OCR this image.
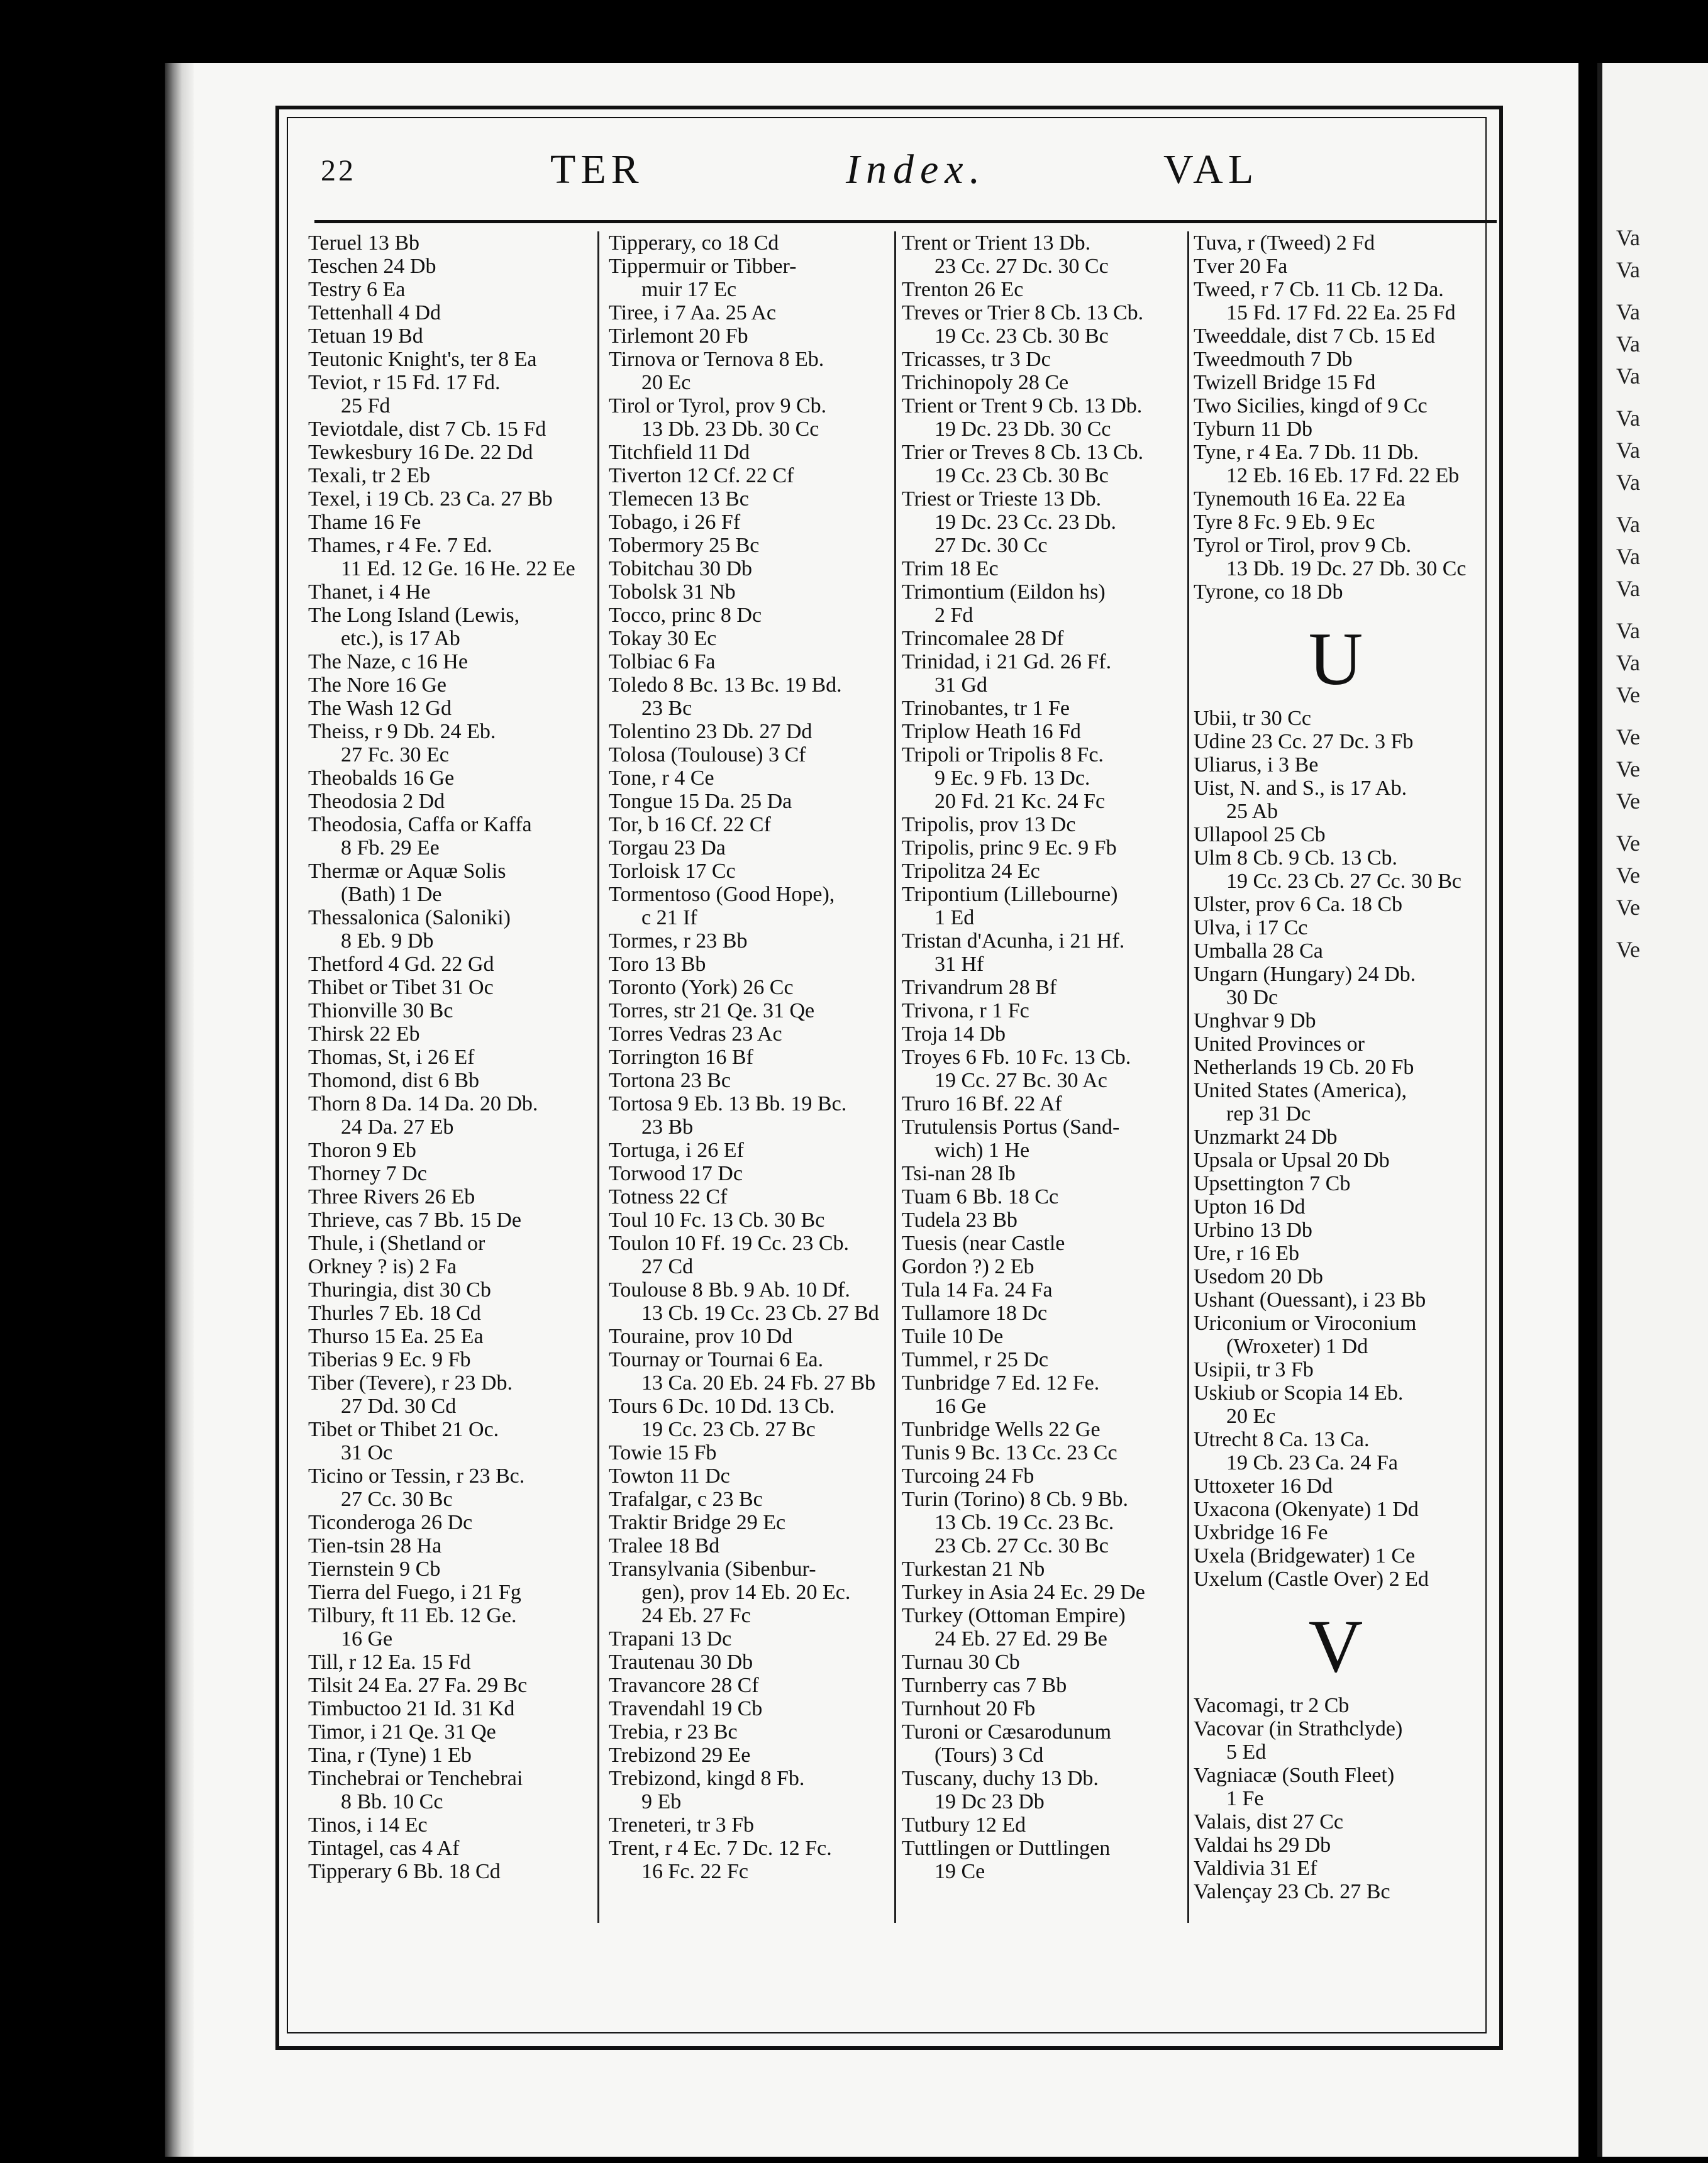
22	TER	Index.	VAL
Teruel 13 Bb
Teschen 24 Db
Testry 6 Ea
Tettenhall 4 Dd
Tetuan 19 Bd
Teutonic Knight's, ter 8 Ea
Teviot, r 15 Fd. 17 Fd.
25 Fd
Teviotdale, dist 7 Cb. 15 Fd
Tewkesbury 16 De. 22 Dd
Texali, tr 2 Eb
Texel, i 19 Cb. 23 Ca. 27 Bb
Thame 16 Fe
Thames, r 4 Fe. 7 Ed.
11 Ed. 12 Ge. 16 He. 22 Ee
Thanet, i 4 He
The Long Island (Lewis,
etc.), is 17 Ab
The Naze, c 16 He
The Nore 16 Ge
The Wash 12 Gd
Theiss, r 9 Db. 24 Eb.
27 Fc. 30 Ec
Theobalds 16 Ge
Theodosia 2 Dd
Theodosia, Caffa or Kaffa
8 Fb. 29 Ee
Thermæ or Aquæ Solis
(Bath) 1 De
Thessalonica (Saloniki)
8 Eb. 9 Db
Thetford 4 Gd. 22 Gd
Thibet or Tibet 31 Oc
Thionville 30 Bc
Thirsk 22 Eb
Thomas, St, i 26 Ef
Thomond, dist 6 Bb
Thorn 8 Da. 14 Da. 20 Db.
24 Da. 27 Eb
Thoron 9 Eb
Thorney 7 Dc
Three Rivers 26 Eb
Thrieve, cas 7 Bb. 15 De
Thule, i (Shetland or
Orkney ? is) 2 Fa
Thuringia, dist 30 Cb
Thurles 7 Eb. 18 Cd
Thurso 15 Ea. 25 Ea
Tiberias 9 Ec. 9 Fb
Tiber (Tevere), r 23 Db.
27 Dd. 30 Cd
Tibet or Thibet 21 Oc.
31 Oc
Ticino or Tessin, r 23 Bc.
27 Cc. 30 Bc
Ticonderoga 26 Dc
Tien-tsin 28 Ha
Tiernstein 9 Cb
Tierra del Fuego, i 21 Fg
Tilbury, ft 11 Eb. 12 Ge.
16 Ge
Till, r 12 Ea. 15 Fd
Tilsit 24 Ea. 27 Fa. 29 Bc
Timbuctoo 21 Id. 31 Kd
Timor, i 21 Qe. 31 Qe
Tina, r (Tyne) 1 Eb
Tinchebrai or Tenchebrai
8 Bb. 10 Cc
Tinos, i 14 Ec
Tintagel, cas 4 Af
Tipperary 6 Bb. 18 Cd
Tipperary, co 18 Cd
Tippermuir or Tibber-
muir 17 Ec
Tiree, i 7 Aa. 25 Ac
Tirlemont 20 Fb
Tirnova or Ternova 8 Eb.
20 Ec
Tirol or Tyrol, prov 9 Cb.
13 Db. 23 Db. 30 Cc
Titchfield 11 Dd
Tiverton 12 Cf. 22 Cf
Tlemecen 13 Bc
Tobago, i 26 Ff
Tobermory 25 Bc
Tobitchau 30 Db
Tobolsk 31 Nb
Tocco, princ 8 Dc
Tokay 30 Ec
Tolbiac 6 Fa
Toledo 8 Bc. 13 Bc. 19 Bd.
23 Bc
Tolentino 23 Db. 27 Dd
Tolosa (Toulouse) 3 Cf
Tone, r 4 Ce
Tongue 15 Da. 25 Da
Tor, b 16 Cf. 22 Cf
Torgau 23 Da
Torloisk 17 Cc
Tormentoso (Good Hope),
c 21 If
Tormes, r 23 Bb
Toro 13 Bb
Toronto (York) 26 Cc
Torres, str 21 Qe. 31 Qe
Torres Vedras 23 Ac
Torrington 16 Bf
Tortona 23 Bc
Tortosa 9 Eb. 13 Bb. 19 Bc.
23 Bb
Tortuga, i 26 Ef
Torwood 17 Dc
Totness 22 Cf
Toul 10 Fc. 13 Cb. 30 Bc
Toulon 10 Ff. 19 Cc. 23 Cb.
27 Cd
Toulouse 8 Bb. 9 Ab. 10 Df.
13 Cb. 19 Cc. 23 Cb. 27 Bd
Touraine, prov 10 Dd
Tournay or Tournai 6 Ea.
13 Ca. 20 Eb. 24 Fb. 27 Bb
Tours 6 Dc. 10 Dd. 13 Cb.
19 Cc. 23 Cb. 27 Bc
Towie 15 Fb
Towton 11 Dc
Trafalgar, c 23 Bc
Traktir Bridge 29 Ec
Tralee 18 Bd
Transylvania (Sibenbur-
gen), prov 14 Eb. 20 Ec.
24 Eb. 27 Fc
Trapani 13 Dc
Trautenau 30 Db
Travancore 28 Cf
Travendahl 19 Cb
Trebia, r 23 Bc
Trebizond 29 Ee
Trebizond, kingd 8 Fb.
9 Eb
Treneteri, tr 3 Fb
Trent, r 4 Ec. 7 Dc. 12 Fc.
16 Fc. 22 Fc
Trent or Trient 13 Db.
23 Cc. 27 Dc. 30 Cc
Trenton 26 Ec
Treves or Trier 8 Cb. 13 Cb.
19 Cc. 23 Cb. 30 Bc
Tricasses, tr 3 Dc
Trichinopoly 28 Ce
Trient or Trent 9 Cb. 13 Db.
19 Dc. 23 Db. 30 Cc
Trier or Treves 8 Cb. 13 Cb.
19 Cc. 23 Cb. 30 Bc
Triest or Trieste 13 Db.
19 Dc. 23 Cc. 23 Db.
27 Dc. 30 Cc
Trim 18 Ec
Trimontium (Eildon hs)
2 Fd
Trincomalee 28 Df
Trinidad, i 21 Gd. 26 Ff.
31 Gd
Trinobantes, tr 1 Fe
Triplow Heath 16 Fd
Tripoli or Tripolis 8 Fc.
9 Ec. 9 Fb. 13 Dc.
20 Fd. 21 Kc. 24 Fc
Tripolis, prov 13 Dc
Tripolis, princ 9 Ec. 9 Fb
Tripolitza 24 Ec
Tripontium (Lillebourne)
1 Ed
Tristan d'Acunha, i 21 Hf.
31 Hf
Trivandrum 28 Bf
Trivona, r 1 Fc
Troja 14 Db
Troyes 6 Fb. 10 Fc. 13 Cb.
19 Cc. 27 Bc. 30 Ac
Truro 16 Bf. 22 Af
Trutulensis Portus (Sand-
wich) 1 He
Tsi-nan 28 Ib
Tuam 6 Bb. 18 Cc
Tudela 23 Bb
Tuesis (near Castle
Gordon ?) 2 Eb
Tula 14 Fa. 24 Fa
Tullamore 18 Dc
Tuile 10 De
Tummel, r 25 Dc
Tunbridge 7 Ed. 12 Fe.
16 Ge
Tunbridge Wells 22 Ge
Tunis 9 Bc. 13 Cc. 23 Cc
Turcoing 24 Fb
Turin (Torino) 8 Cb. 9 Bb.
13 Cb. 19 Cc. 23 Bc.
23 Cb. 27 Cc. 30 Bc
Turkestan 21 Nb
Turkey in Asia 24 Ec. 29 De
Turkey (Ottoman Empire)
24 Eb. 27 Ed. 29 Be
Turnau 30 Cb
Turnberry cas 7 Bb
Turnhout 20 Fb
Turoni or Cæsarodunum
(Tours) 3 Cd
Tuscany, duchy 13 Db.
19 Dc 23 Db
Tutbury 12 Ed
Tuttlingen or Duttlingen
19 Ce
Tuva, r (Tweed) 2 Fd
Tver 20 Fa
Tweed, r 7 Cb. 11 Cb. 12 Da.
15 Fd. 17 Fd. 22 Ea. 25 Fd
Tweeddale, dist 7 Cb. 15 Ed
Tweedmouth 7 Db
Twizell Bridge 15 Fd
Two Sicilies, kingd of 9 Cc
Tyburn 11 Db
Tyne, r 4 Ea. 7 Db. 11 Db.
12 Eb. 16 Eb. 17 Fd. 22 Eb
Tynemouth 16 Ea. 22 Ea
Tyre 8 Fc. 9 Eb. 9 Ec
Tyrol or Tirol, prov 9 Cb.
13 Db. 19 Dc. 27 Db. 30 Cc
Tyrone, co 18 Db
U
Ubii, tr 30 Cc
Udine 23 Cc. 27 Dc. 3 Fb
Uliarus, i 3 Be
Uist, N. and S., is 17 Ab.
25 Ab
Ullapool 25 Cb
Ulm 8 Cb. 9 Cb. 13 Cb.
19 Cc. 23 Cb. 27 Cc. 30 Bc
Ulster, prov 6 Ca. 18 Cb
Ulva, i 17 Cc
Umballa 28 Ca
Ungarn (Hungary) 24 Db.
30 Dc
Unghvar 9 Db
United Provinces or
Netherlands 19 Cb. 20 Fb
United States (America),
rep 31 Dc
Unzmarkt 24 Db
Upsala or Upsal 20 Db
Upsettington 7 Cb
Upton 16 Dd
Urbino 13 Db
Ure, r 16 Eb
Usedom 20 Db
Ushant (Ouessant), i 23 Bb
Uriconium or Viroconium
(Wroxeter) 1 Dd
Usipii, tr 3 Fb
Uskiub or Scopia 14 Eb.
20 Ec
Utrecht 8 Ca. 13 Ca.
19 Cb. 23 Ca. 24 Fa
Uttoxeter 16 Dd
Uxacona (Okenyate) 1 Dd
Uxbridge 16 Fe
Uxela (Bridgewater) 1 Ce
Uxelum (Castle Over) 2 Ed
V
Vacomagi, tr 2 Cb
Vacovar (in Strathclyde)
5 Ed
Vagniacæ (South Fleet)
1 Fe
Valais, dist 27 Cc
Valdai hs 29 Db
Valdivia 31 Ef
Valençay 23 Cb. 27 Bc
Va
Va
Va
Va
Va
Va
Va
Va
Va
Va
Va
Va
Va
Ve
Ve
Ve
Ve
Ve
Ve
Ve
Ve
